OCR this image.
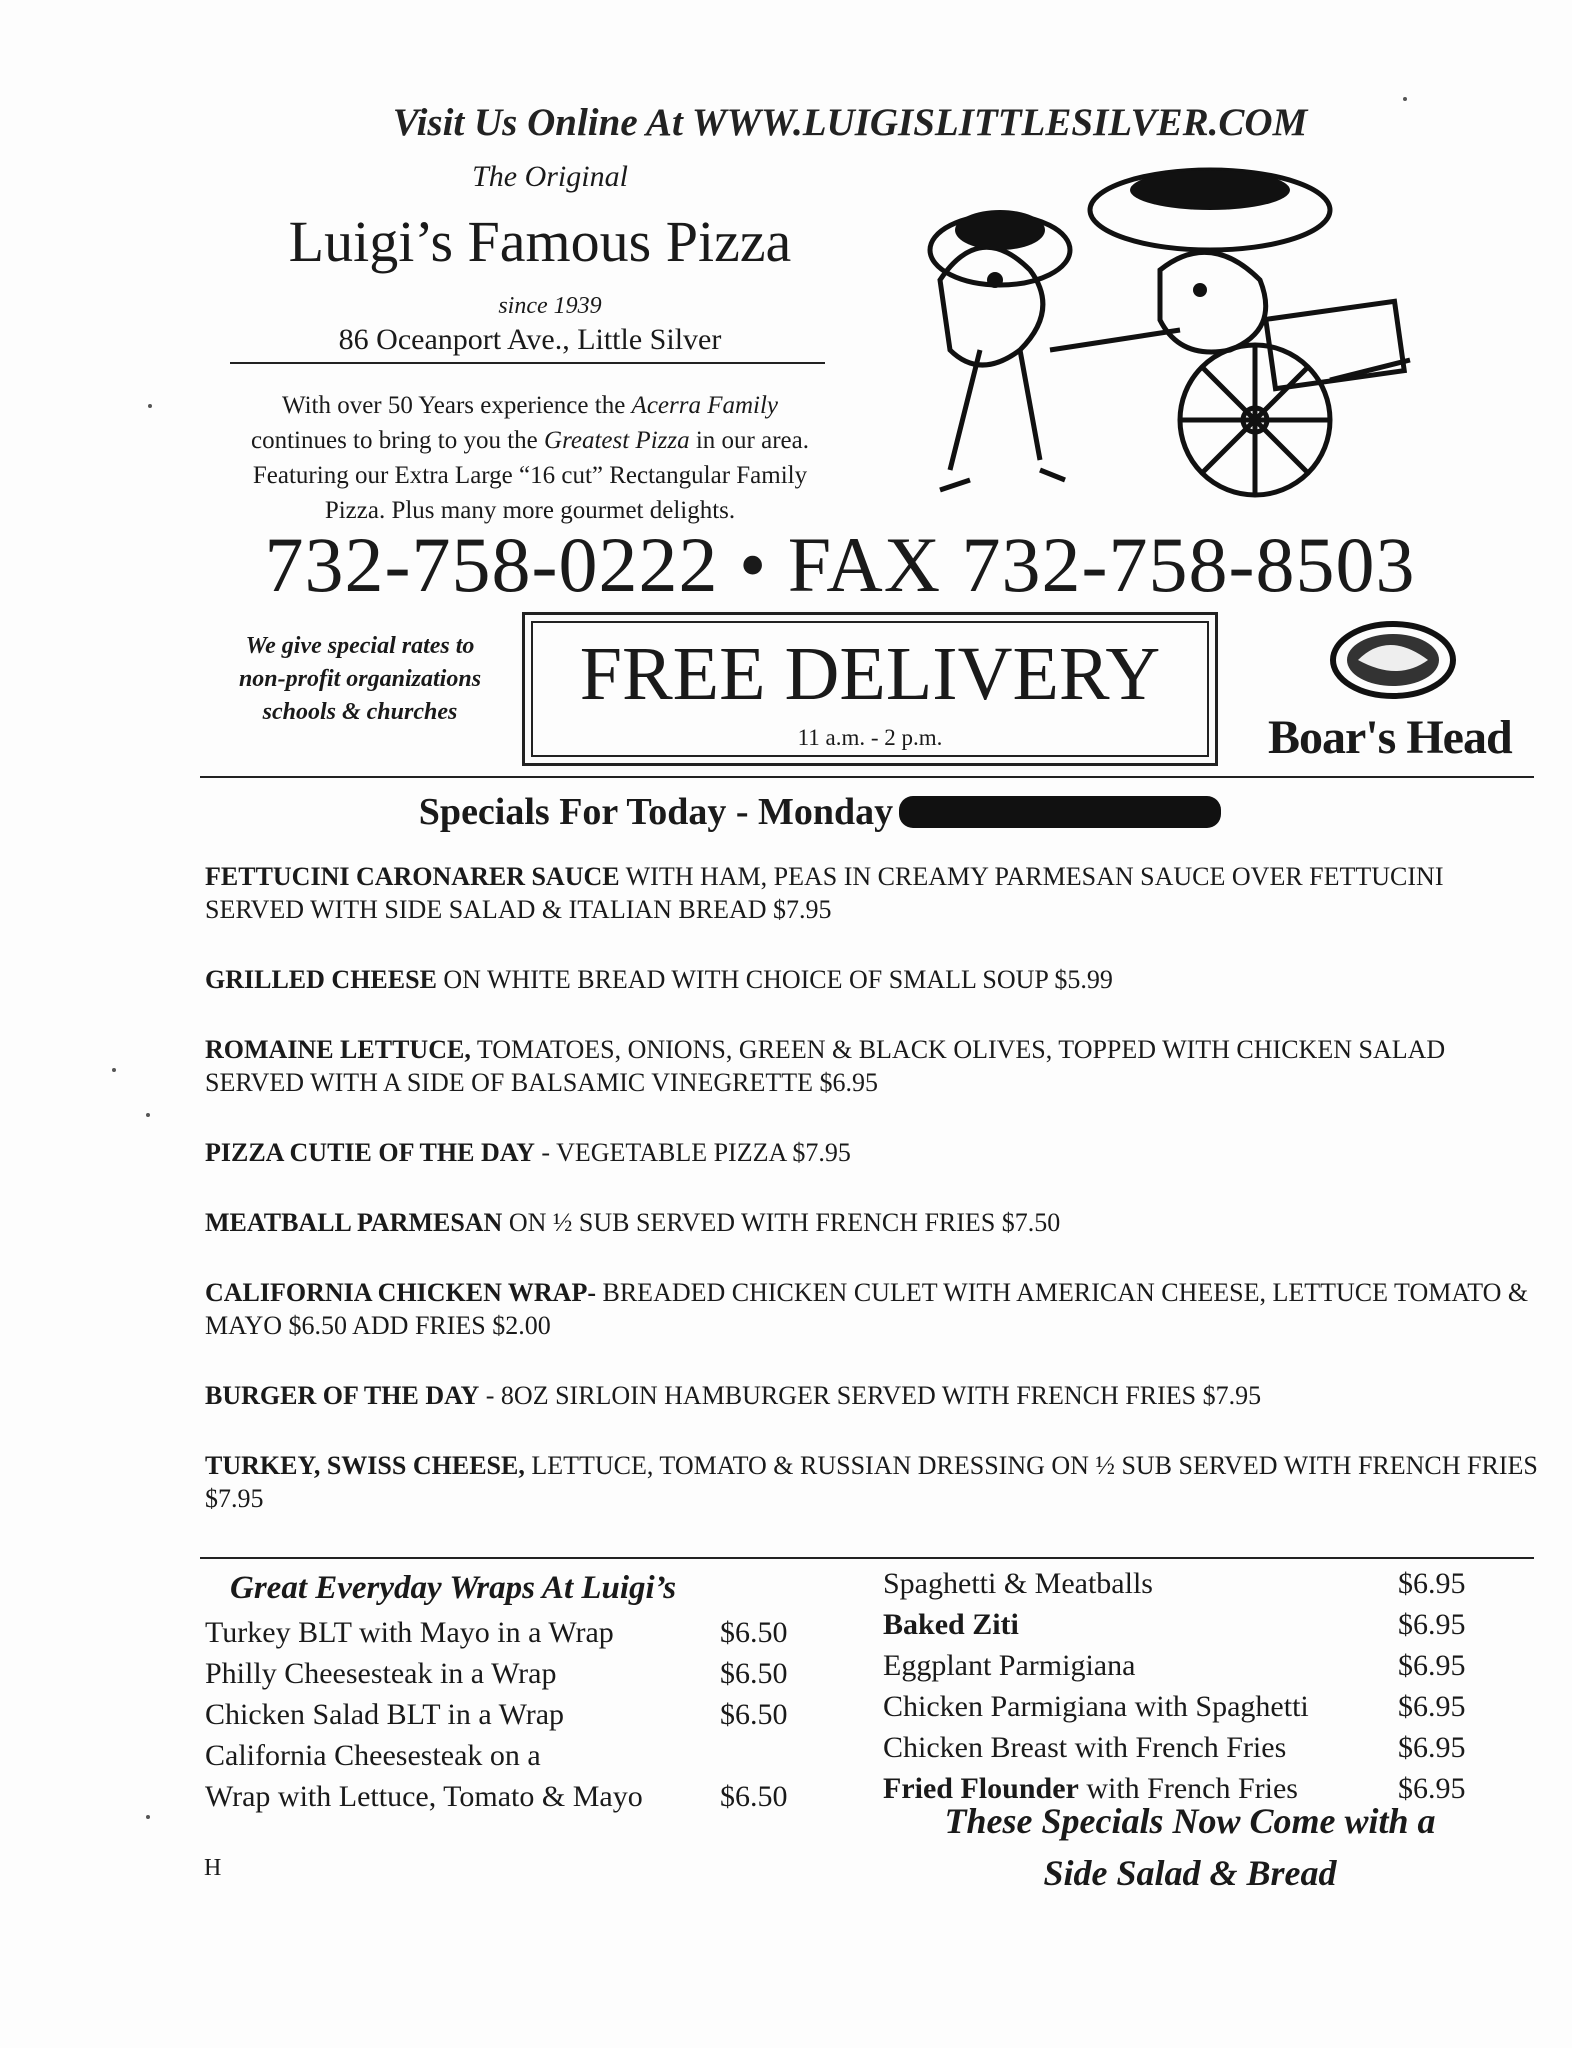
Visit Us Online At WWW.LUIGISLITTLESILVER.COM
The Original
Luigi’s Famous Pizza
since 1939
86 Oceanport Ave., Little Silver
With over 50 Years experience the Acerra Family
continues to bring to you the Greatest Pizza in our area.
Featuring our Extra Large “16 cut” Rectangular Family
Pizza. Plus many more gourmet delights.
732-758-0222 • FAX 732-758-8503
We give special rates to
non-profit organizations
schools & churches	FREE DELIVERY
11 a.m. - 2 p.m.	Boar's Head
Specials For Today - Monday
FETTUCINI CARONARER SAUCE WITH HAM, PEAS IN CREAMY PARMESAN SAUCE OVER FETTUCINI SERVED WITH SIDE SALAD & ITALIAN BREAD $7.95
GRILLED CHEESE ON WHITE BREAD WITH CHOICE OF SMALL SOUP $5.99
ROMAINE LETTUCE, TOMATOES, ONIONS, GREEN & BLACK OLIVES, TOPPED WITH CHICKEN SALAD SERVED WITH A SIDE OF BALSAMIC VINEGRETTE $6.95
PIZZA CUTIE OF THE DAY - VEGETABLE PIZZA $7.95
MEATBALL PARMESAN ON ½ SUB SERVED WITH FRENCH FRIES $7.50
CALIFORNIA CHICKEN WRAP- BREADED CHICKEN CULET WITH AMERICAN CHEESE, LETTUCE TOMATO & MAYO $6.50 ADD FRIES $2.00
BURGER OF THE DAY - 8OZ SIRLOIN HAMBURGER SERVED WITH FRENCH FRIES $7.95
TURKEY, SWISS CHEESE, LETTUCE, TOMATO & RUSSIAN DRESSING ON ½ SUB SERVED WITH FRENCH FRIES $7.95
Great Everyday Wraps At Luigi’s
Turkey BLT with Mayo in a Wrap	$6.50
Philly Cheesesteak in a Wrap	$6.50
Chicken Salad BLT in a Wrap	$6.50
California Cheesesteak on a
Wrap with Lettuce, Tomato & Mayo	$6.50
Spaghetti & Meatballs	$6.95
Baked Ziti	$6.95
Eggplant Parmigiana	$6.95
Chicken Parmigiana with Spaghetti	$6.95
Chicken Breast with French Fries	$6.95
Fried Flounder with French Fries	$6.95
These Specials Now Come with a
Side Salad & Bread
H
